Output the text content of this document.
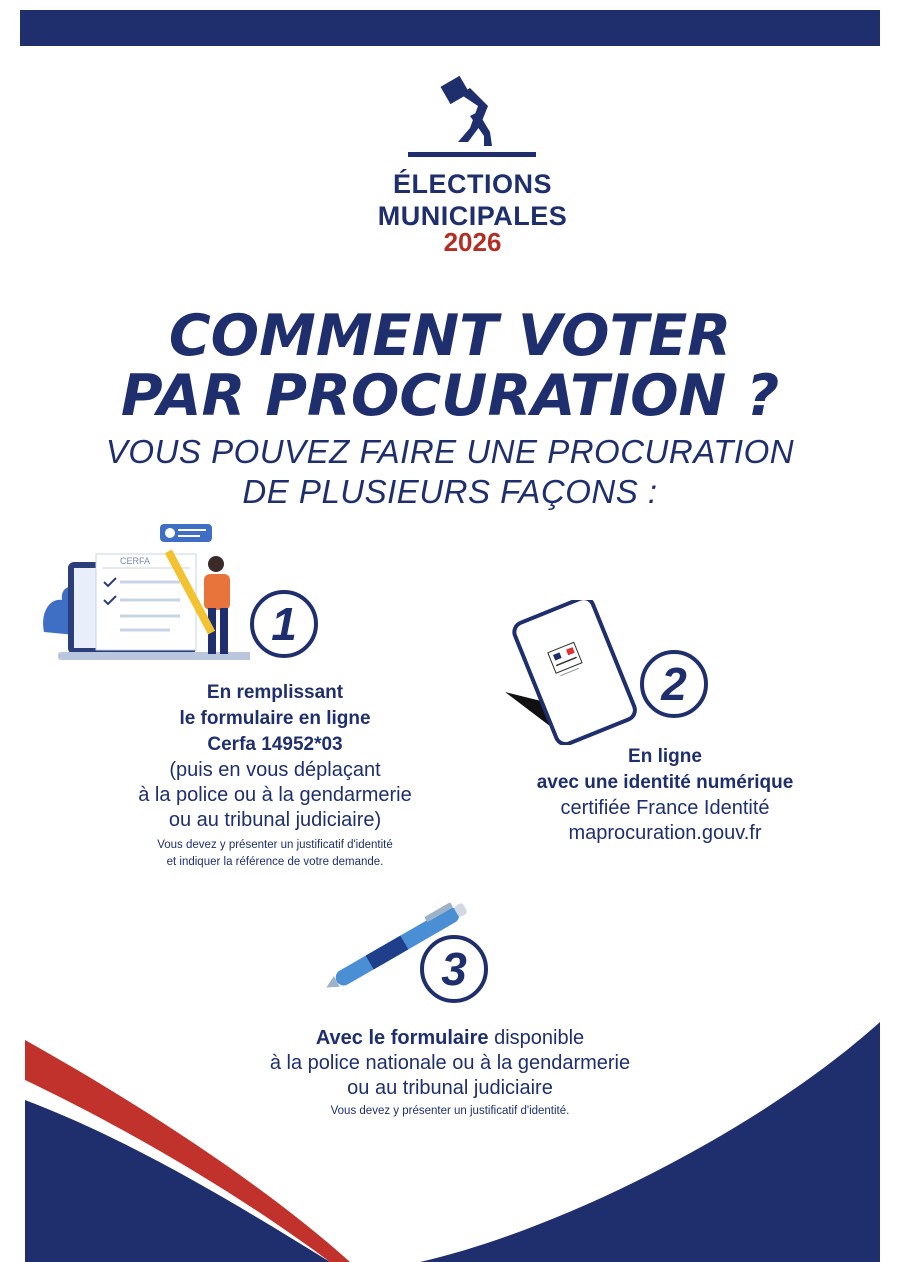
ÉLECTIONS
MUNICIPALES
2026
COMMENT VOTER
PAR PROCURATION ?
VOUS POUVEZ FAIRE UNE PROCURATION
DE PLUSIEURS FAÇONS :
CERFA
1
En remplissant
le formulaire en ligne
Cerfa 14952*03
(puis en vous déplaçant
à la police ou à la gendarmerie
ou au tribunal judiciaire)
Vous devez y présenter un justificatif d'identité
et indiquer la référence de votre demande.
2
En ligne
avec une identité numérique
certifiée France Identité
maprocuration.gouv.fr
3
Avec le formulaire disponible
à la police nationale ou à la gendarmerie
ou au tribunal judiciaire
Vous devez y présenter un justificatif d'identité.
